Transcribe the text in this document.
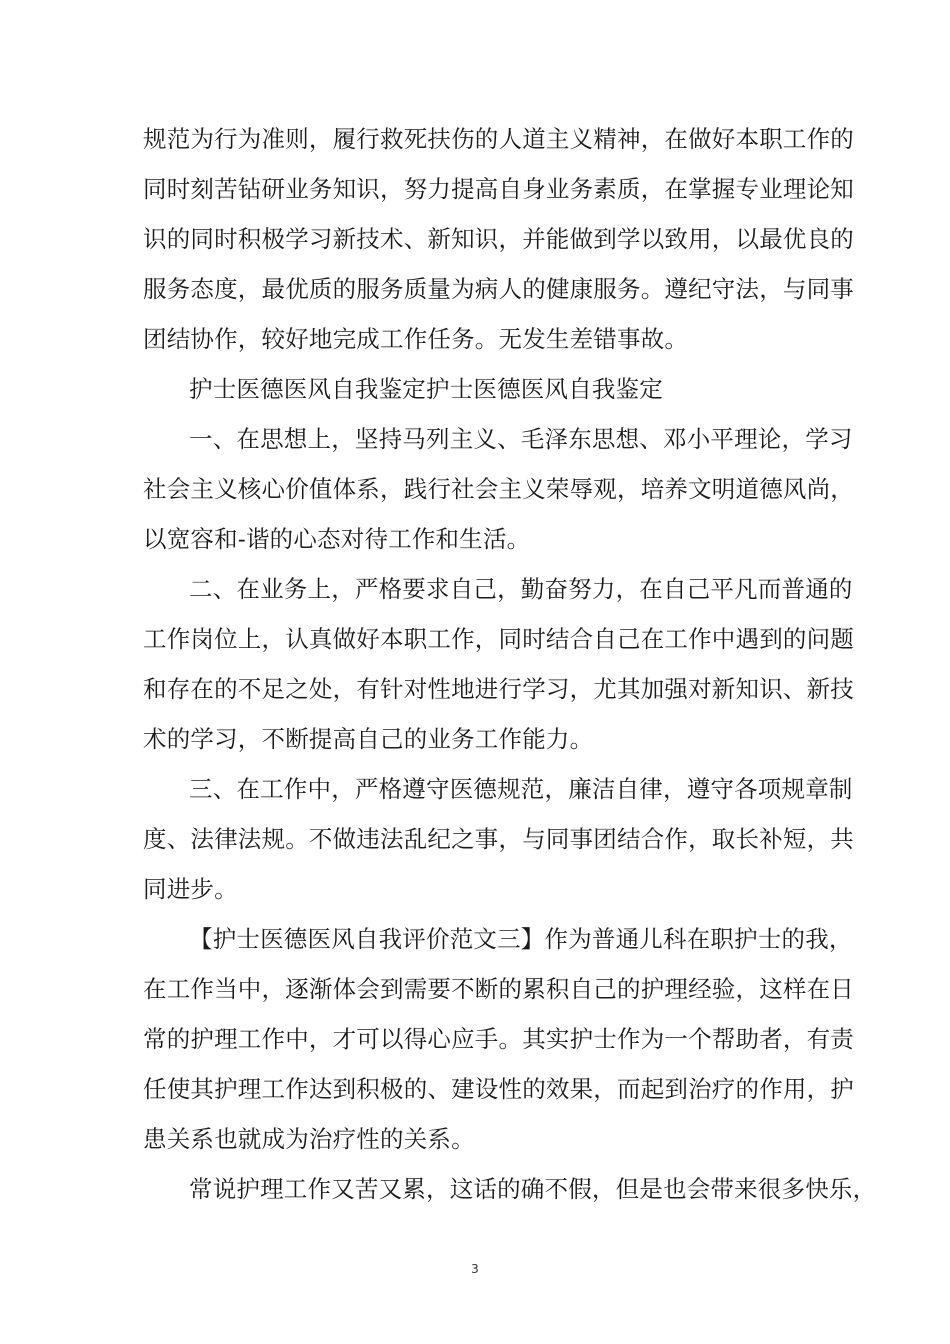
规范为行为准则，履行救死扶伤的人道主义精神，在做好本职工作的
同时刻苦钻研业务知识，努力提高自身业务素质，在掌握专业理论知
识的同时积极学习新技术、新知识，并能做到学以致用，以最优良的
服务态度，最优质的服务质量为病人的健康服务。遵纪守法，与同事
团结协作，较好地完成工作任务。无发生差错事故。
护士医德医风自我鉴定护士医德医风自我鉴定
一、在思想上，坚持马列主义、毛泽东思想、邓小平理论，学习
社会主义核心价值体系，践行社会主义荣辱观，培养文明道德风尚，
以宽容和-谐的心态对待工作和生活。
二、在业务上，严格要求自己，勤奋努力，在自己平凡而普通的
工作岗位上，认真做好本职工作，同时结合自己在工作中遇到的问题
和存在的不足之处，有针对性地进行学习，尤其加强对新知识、新技
术的学习，不断提高自己的业务工作能力。
三、在工作中，严格遵守医德规范，廉洁自律，遵守各项规章制
度、法律法规。不做违法乱纪之事，与同事团结合作，取长补短，共
同进步。
【护士医德医风自我评价范文三】作为普通儿科在职护士的我，
在工作当中，逐渐体会到需要不断的累积自己的护理经验，这样在日
常的护理工作中，才可以得心应手。其实护士作为一个帮助者，有责
任使其护理工作达到积极的、建设性的效果，而起到治疗的作用，护
患关系也就成为治疗性的关系。
常说护理工作又苦又累，这话的确不假，但是也会带来很多快乐，
3
